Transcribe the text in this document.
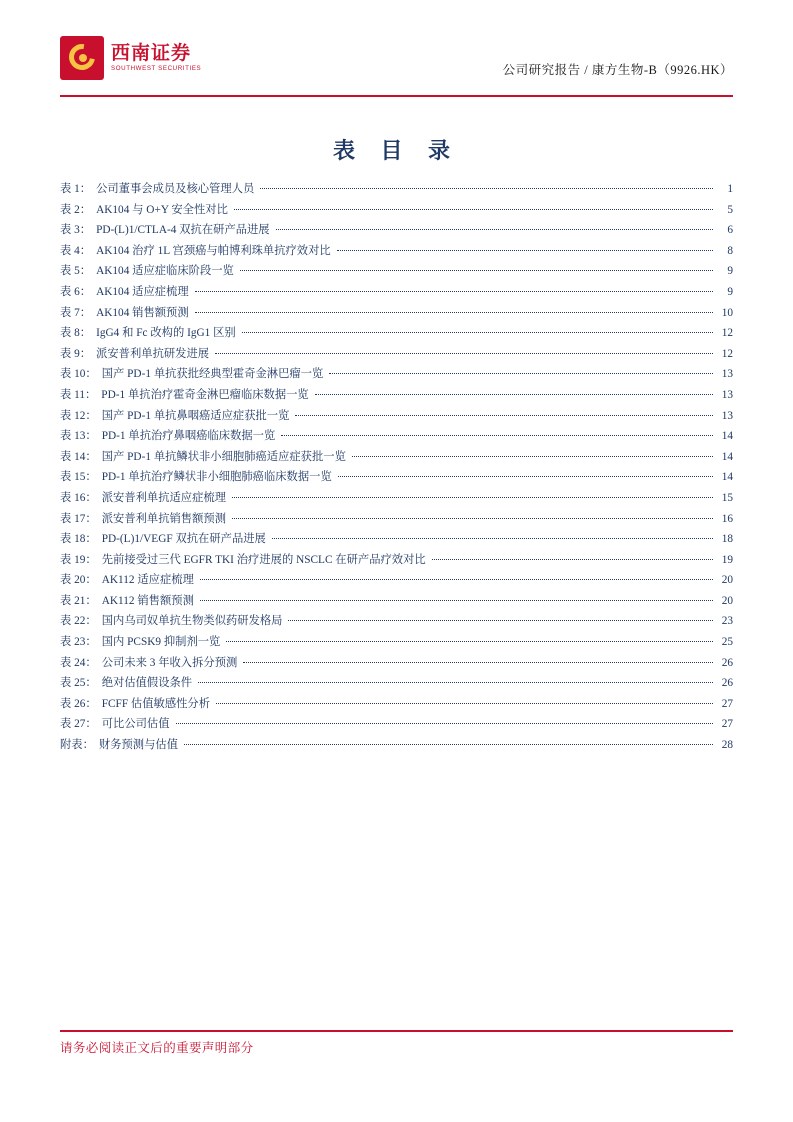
西南证券
SOUTHWEST SECURITIES	公司研究报告 / 康方生物-B（9926.HK）
表 目 录
表 1： 公司董事会成员及核心管理人员	1
表 2： AK104 与 O+Y 安全性对比	5
表 3： PD-(L)1/CTLA-4 双抗在研产品进展	6
表 4： AK104 治疗 1L 宫颈癌与帕博利珠单抗疗效对比	8
表 5： AK104 适应症临床阶段一览	9
表 6： AK104 适应症梳理	9
表 7： AK104 销售额预测	10
表 8： IgG4 和 Fc 改构的 IgG1 区别	12
表 9： 派安普利单抗研发进展	12
表 10： 国产 PD-1 单抗获批经典型霍奇金淋巴瘤一览	13
表 11： PD-1 单抗治疗霍奇金淋巴瘤临床数据一览	13
表 12： 国产 PD-1 单抗鼻咽癌适应症获批一览	13
表 13： PD-1 单抗治疗鼻咽癌临床数据一览	14
表 14： 国产 PD-1 单抗鳞状非小细胞肺癌适应症获批一览	14
表 15： PD-1 单抗治疗鳞状非小细胞肺癌临床数据一览	14
表 16： 派安普利单抗适应症梳理	15
表 17： 派安普利单抗销售额预测	16
表 18： PD-(L)1/VEGF 双抗在研产品进展	18
表 19： 先前接受过三代 EGFR TKI 治疗进展的 NSCLC 在研产品疗效对比	19
表 20： AK112 适应症梳理	20
表 21： AK112 销售额预测	20
表 22： 国内乌司奴单抗生物类似药研发格局	23
表 23： 国内 PCSK9 抑制剂一览	25
表 24： 公司未来 3 年收入拆分预测	26
表 25： 绝对估值假设条件	26
表 26： FCFF 估值敏感性分析	27
表 27： 可比公司估值	27
附表： 财务预测与估值	28
请务必阅读正文后的重要声明部分
